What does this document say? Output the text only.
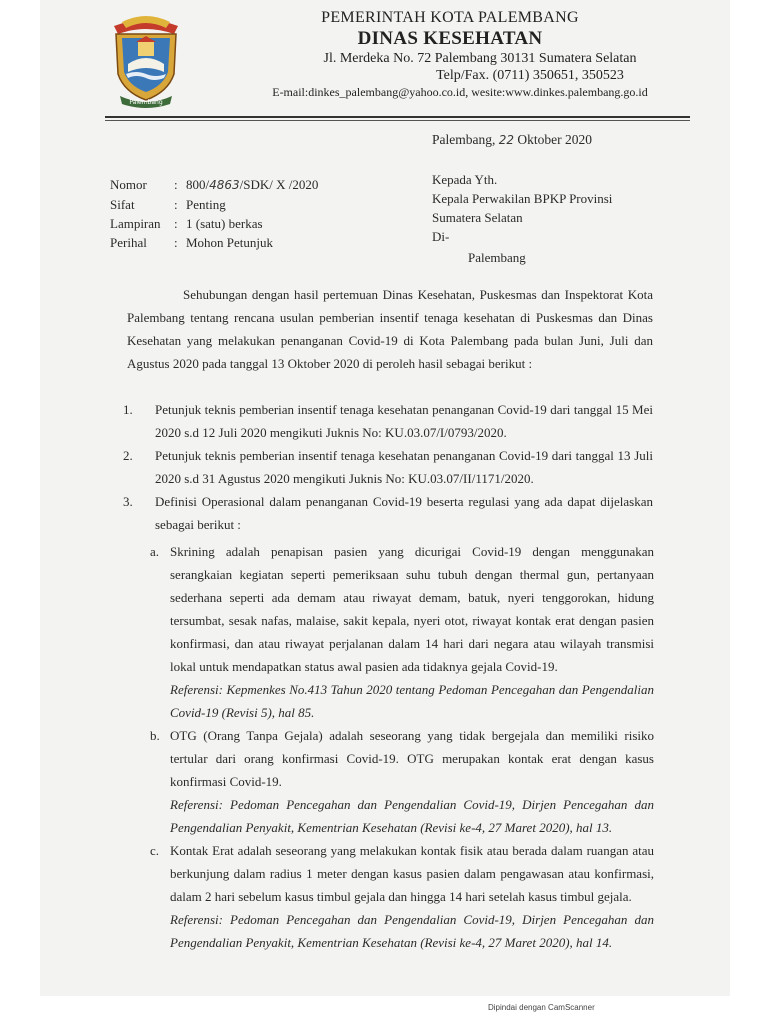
Palembang
PEMERINTAH KOTA PALEMBANG
DINAS KESEHATAN
Jl. Merdeka No. 72 Palembang 30131 Sumatera Selatan
Telp/Fax. (0711) 350651, 350523
E-mail:dinkes_palembang@yahoo.co.id, wesite:www.dinkes.palembang.go.id
Palembang, 22 Oktober 2020
Nomor	: 800/4863/SDK/ X /2020
Sifat	: Penting
Lampiran	: 1 (satu) berkas
Perihal	: Mohon Petunjuk
Kepada Yth.
Kepala Perwakilan BPKP Provinsi
Sumatera Selatan
Di-
Palembang

Sehubungan dengan hasil pertemuan Dinas Kesehatan, Puskesmas dan Inspektorat Kota Palembang tentang rencana usulan pemberian insentif tenaga kesehatan di Puskesmas dan Dinas Kesehatan yang melakukan penanganan Covid-19 di Kota Palembang pada bulan Juni, Juli dan Agustus 2020 pada tanggal 13 Oktober 2020 di peroleh hasil sebagai berikut :

1.	Petunjuk teknis pemberian insentif tenaga kesehatan penanganan Covid-19 dari tanggal 15 Mei 2020 s.d 12 Juli 2020 mengikuti Juknis No: KU.03.07/I/0793/2020.
2.	Petunjuk teknis pemberian insentif tenaga kesehatan penanganan Covid-19 dari tanggal 13 Juli 2020 s.d 31 Agustus 2020 mengikuti Juknis No: KU.03.07/II/1171/2020.
3.	Definisi Operasional dalam penanganan Covid-19 beserta regulasi yang ada dapat dijelaskan sebagai berikut :
a. Skrining adalah penapisan pasien yang dicurigai Covid-19 dengan menggunakan serangkaian kegiatan seperti pemeriksaan suhu tubuh dengan thermal gun, pertanyaan sederhana seperti ada demam atau riwayat demam, batuk, nyeri tenggorokan, hidung tersumbat, sesak nafas, malaise, sakit kepala, nyeri otot, riwayat kontak erat dengan pasien konfirmasi, dan atau riwayat perjalanan dalam 14 hari dari negara atau wilayah transmisi lokal untuk mendapatkan status awal pasien ada tidaknya gejala Covid-19.
Referensi: Kepmenkes No.413 Tahun 2020 tentang Pedoman Pencegahan dan Pengendalian Covid-19 (Revisi 5), hal 85.
b. OTG (Orang Tanpa Gejala) adalah seseorang yang tidak bergejala dan memiliki risiko tertular dari orang konfirmasi Covid-19. OTG merupakan kontak erat dengan kasus konfirmasi Covid-19.
Referensi: Pedoman Pencegahan dan Pengendalian Covid-19, Dirjen Pencegahan dan Pengendalian Penyakit, Kementrian Kesehatan (Revisi ke-4, 27 Maret 2020), hal 13.
c. Kontak Erat adalah seseorang yang melakukan kontak fisik atau berada dalam ruangan atau berkunjung dalam radius 1 meter dengan kasus pasien dalam pengawasan atau konfirmasi, dalam 2 hari sebelum kasus timbul gejala dan hingga 14 hari setelah kasus timbul gejala.
Referensi: Pedoman Pencegahan dan Pengendalian Covid-19, Dirjen Pencegahan dan Pengendalian Penyakit, Kementrian Kesehatan (Revisi ke-4, 27 Maret 2020), hal 14.
Dipindai dengan CamScanner
